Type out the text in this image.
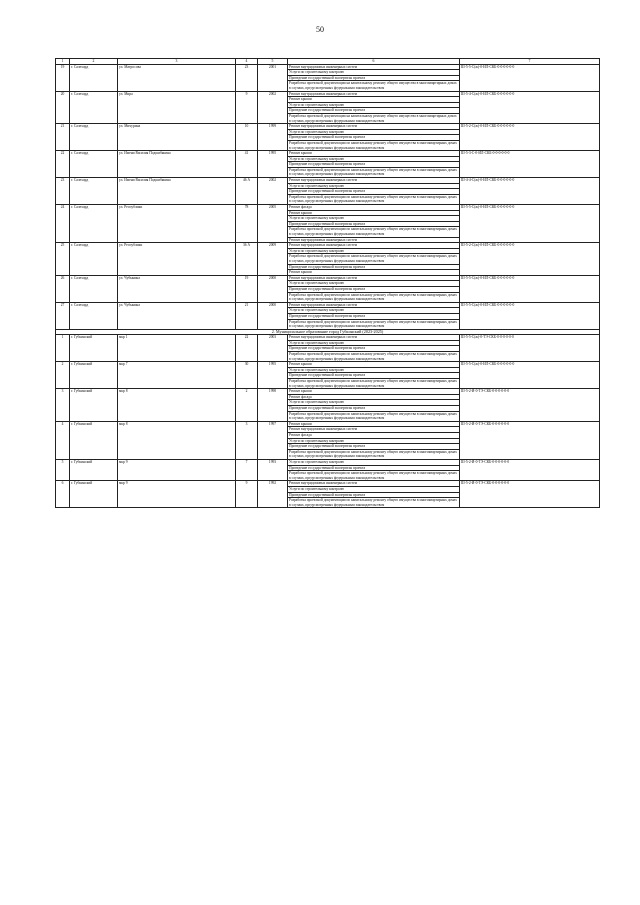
50
1	2	3	4	5	6	7
19	г. Салехард	ул. Матросова	23	2001	Ремонт внутридомовых инженерных систем	Ш-5-5-С(ж)-0-ИЛ-СКБ-0-0-0-0-0-0
					Услуги по строительному контролю	
					Проведение государственной экспертизы проекта	
					Разработка проектной документации на капитальному ремонту общего имущества в многоквартирных домах в случаях, предусмотренных федеральным законодательством	
20	г. Салехард	ул. Мира	9	2002	Ремонт внутридомовых инженерных систем	Ш-5-4-С(ж)-0-ИЛ-СКБ-0-0-0-0-0-0
					Ремонт крыши	
					Услуги по строительному контролю	
					Проведение государственной экспертизы проекта	
					Разработка проектной документации на капитальному ремонту общего имущества в многоквартирных домах в случаях, предусмотренных федеральным законодательством	
21	г. Салехард	ул. Мичурина	10	1999	Ремонт внутридомовых инженерных систем	Ш-5-2-С(ж)-0-ИЛ-СКБ-0-0-0-0-0-0
					Услуги по строительному контролю	
					Проведение государственной экспертизы проекта	
					Разработка проектной документации по капитальному ремонту общего имущества в многоквартирных домах в случаях, предусмотренных федеральным законодательством	
22	г. Салехард	ул. Имени Василия Подшибякина	41	1995	Ремонт крыши	Ш-5-3-С-0-ИЛ-СКБ-0-0-0-0-0-0
					Услуги по строительному контролю	
					Проведение государственной экспертизы проекта	
					Разработка проектной документации по капитальному ремонту общего имущества в многоквартирных домах в случаях, предусмотренных федеральным законодательством	
23	г. Салехард	ул. Имени Василия Подшибякина	46 А	2002	Ремонт внутридомовых инженерных систем	Ш-4-4-С(ж)-0-ИЛ-СКБ-0-0-0-0-0-0
					Услуги по строительному контролю	
					Проведение государственной экспертизы проекта	
					Разработка проектной документации по капитальному ремонту общего имущества в многоквартирных домах в случаях, предусмотренных федеральным законодательством	
24	г. Салехард	ул. Республики	78	2005	Ремонт фасада	Ш-5-5-С(ж)-0-ИЛ-СКБ-0-0-0-0-0-0
					Ремонт крыши	
					Услуги по строительному контролю	
					Проведение государственной экспертизы проекта	
					Разработка проектной документации по капитальному ремонту общего имущества в многоквартирных домах в случаях, предусмотренных федеральным законодательством	
					Ремонт внутридомовых инженерных систем	
25	г. Салехард	ул. Республики	36 А	2009	Ремонт внутридомовых инженерных систем	Ш-5-2-С(ж)-0-ИЛ-СКБ-0-0-0-0-0-0
					Услуги по строительному контролю	
					Разработка проектной документации по капитальному ремонту общего имущества в многоквартирных домах в случаях, предусмотренных федеральным законодательством	
					Проведение государственной экспертизы проекта	
					Ремонт крыши	
26	г. Салехард	ул. Чубынина	19	2000	Ремонт внутридомовых инженерных систем	Ш-5-5-С(ж)-0-ИЛ-СКБ-0-0-0-0-0-0
					Услуги по строительному контролю	
					Проведение государственной экспертизы проекта	
					Разработка проектной документации по капитальному ремонту общего имущества в многоквартирных домах в случаях, предусмотренных федеральным законодательством	
27	г. Салехард	ул. Чубынина	21	2000	Ремонт внутридомовых инженерных систем	Ш-5-5-С(ж)-0-ИЛ-СКБ-0-0-0-0-0-0
					Услуги по строительному контролю	
					Проведение государственной экспертизы проекта	
					Разработка проектной документации по капитальному ремонту общего имущества в многоквартирных домах в случаях, предусмотренных федеральным законодательством	
2. Муниципальное образование город Губкинский (2023-2025)						
1	г. Губкинский	мкр 1	22	2003	Ремонт внутридомовых инженерных систем	Ш-5-5-С(ж)-0-ТЭ-СКБ-0-0-0-0-0-0
					Услуги по строительному контролю	
					Проведение государственной экспертизы проекта	
					Разработка проектной документации по капитальному ремонту общего имущества в многоквартирных домах в случаях, предусмотренных федеральным законодательством	
2	г. Губкинский	мкр 7	30	1995	Ремонт крыши	Ш-5-5-С(ж)-0-ИЛ-СКБ-0-0-0-0-0-0
					Услуги по строительному контролю	
					Проведение государственной экспертизы проекта	
					Разработка проектной документации по капитальному ремонту общего имущества в многоквартирных домах в случаях, предусмотренных федеральным законодательством	
3	г. Губкинский	мкр 8	2	1998	Ремонт крыши	Ш-5-2-И-0-ТЭ-СКБ-0-0-0-0-0-0
					Ремонт фасада	
					Услуги по строительному контролю	
					Проведение государственной экспертизы проекта	
					Разработка проектной документации по капитальному ремонту общего имущества в многоквартирных домах в случаях, предусмотренных федеральным законодательством	
4	г. Губкинский	мкр 8	3	1997	Ремонт крыши	Ш-5-2-И-0-ТЭ-СКБ-0-0-0-0-0-0
					Ремонт внутридомовых инженерных систем	
					Ремонт фасада	
					Услуги по строительному контролю	
					Проведение государственной экспертизы проекта	
					Разработка проектной документации по капитальному ремонту общего имущества в многоквартирных домах в случаях, предусмотренных федеральным законодательством	
5	г. Губкинский	мкр 9	7	1993	Услуги по строительному контролю	Ш-5-2-И-0-ТЭ-СКБ-0-0-0-0-0-0
					Проведение государственной экспертизы проекта	
					Разработка проектной документации по капитальному ремонту общего имущества в многоквартирных домах в случаях, предусмотренных федеральным законодательством	
6	г. Губкинский	мкр 9	9	1992	Ремонт внутридомовых инженерных систем	Ш-5-2-И-0-ТЭ-СКБ-0-0-0-0-0-0
					Услуги по строительному контролю	
					Проведение государственной экспертизы проекта	
					Разработка проектной документации по капитальному ремонту общего имущества в многоквартирных домах в случаях, предусмотренных федеральным законодательством	
